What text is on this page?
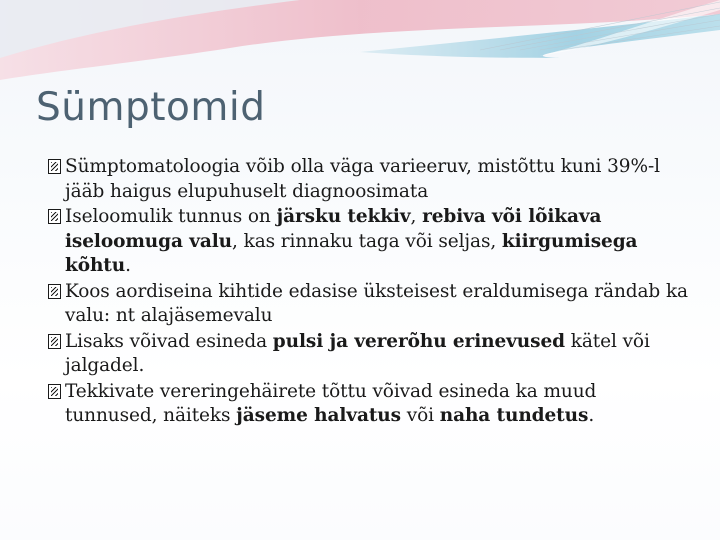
Sümptomid
Sümptomatoloogia võib olla väga varieeruv, mistõttu kuni 39%-l jääb haigus elupuhuselt diagnoosimata
Iseloomulik tunnus on järsku tekkiv, rebiva või lõikava iseloomuga valu, kas rinnaku taga või seljas, kiirgumisega kõhtu.
Koos aordiseina kihtide edasise üksteisest eraldumisega rändab ka valu: nt alajäsemevalu
Lisaks võivad esineda pulsi ja vererõhu erinevused kätel või jalgadel.
Tekkivate vereringehäirete tõttu võivad esineda ka muud tunnused, näiteks jäseme halvatus või naha tundetus.
